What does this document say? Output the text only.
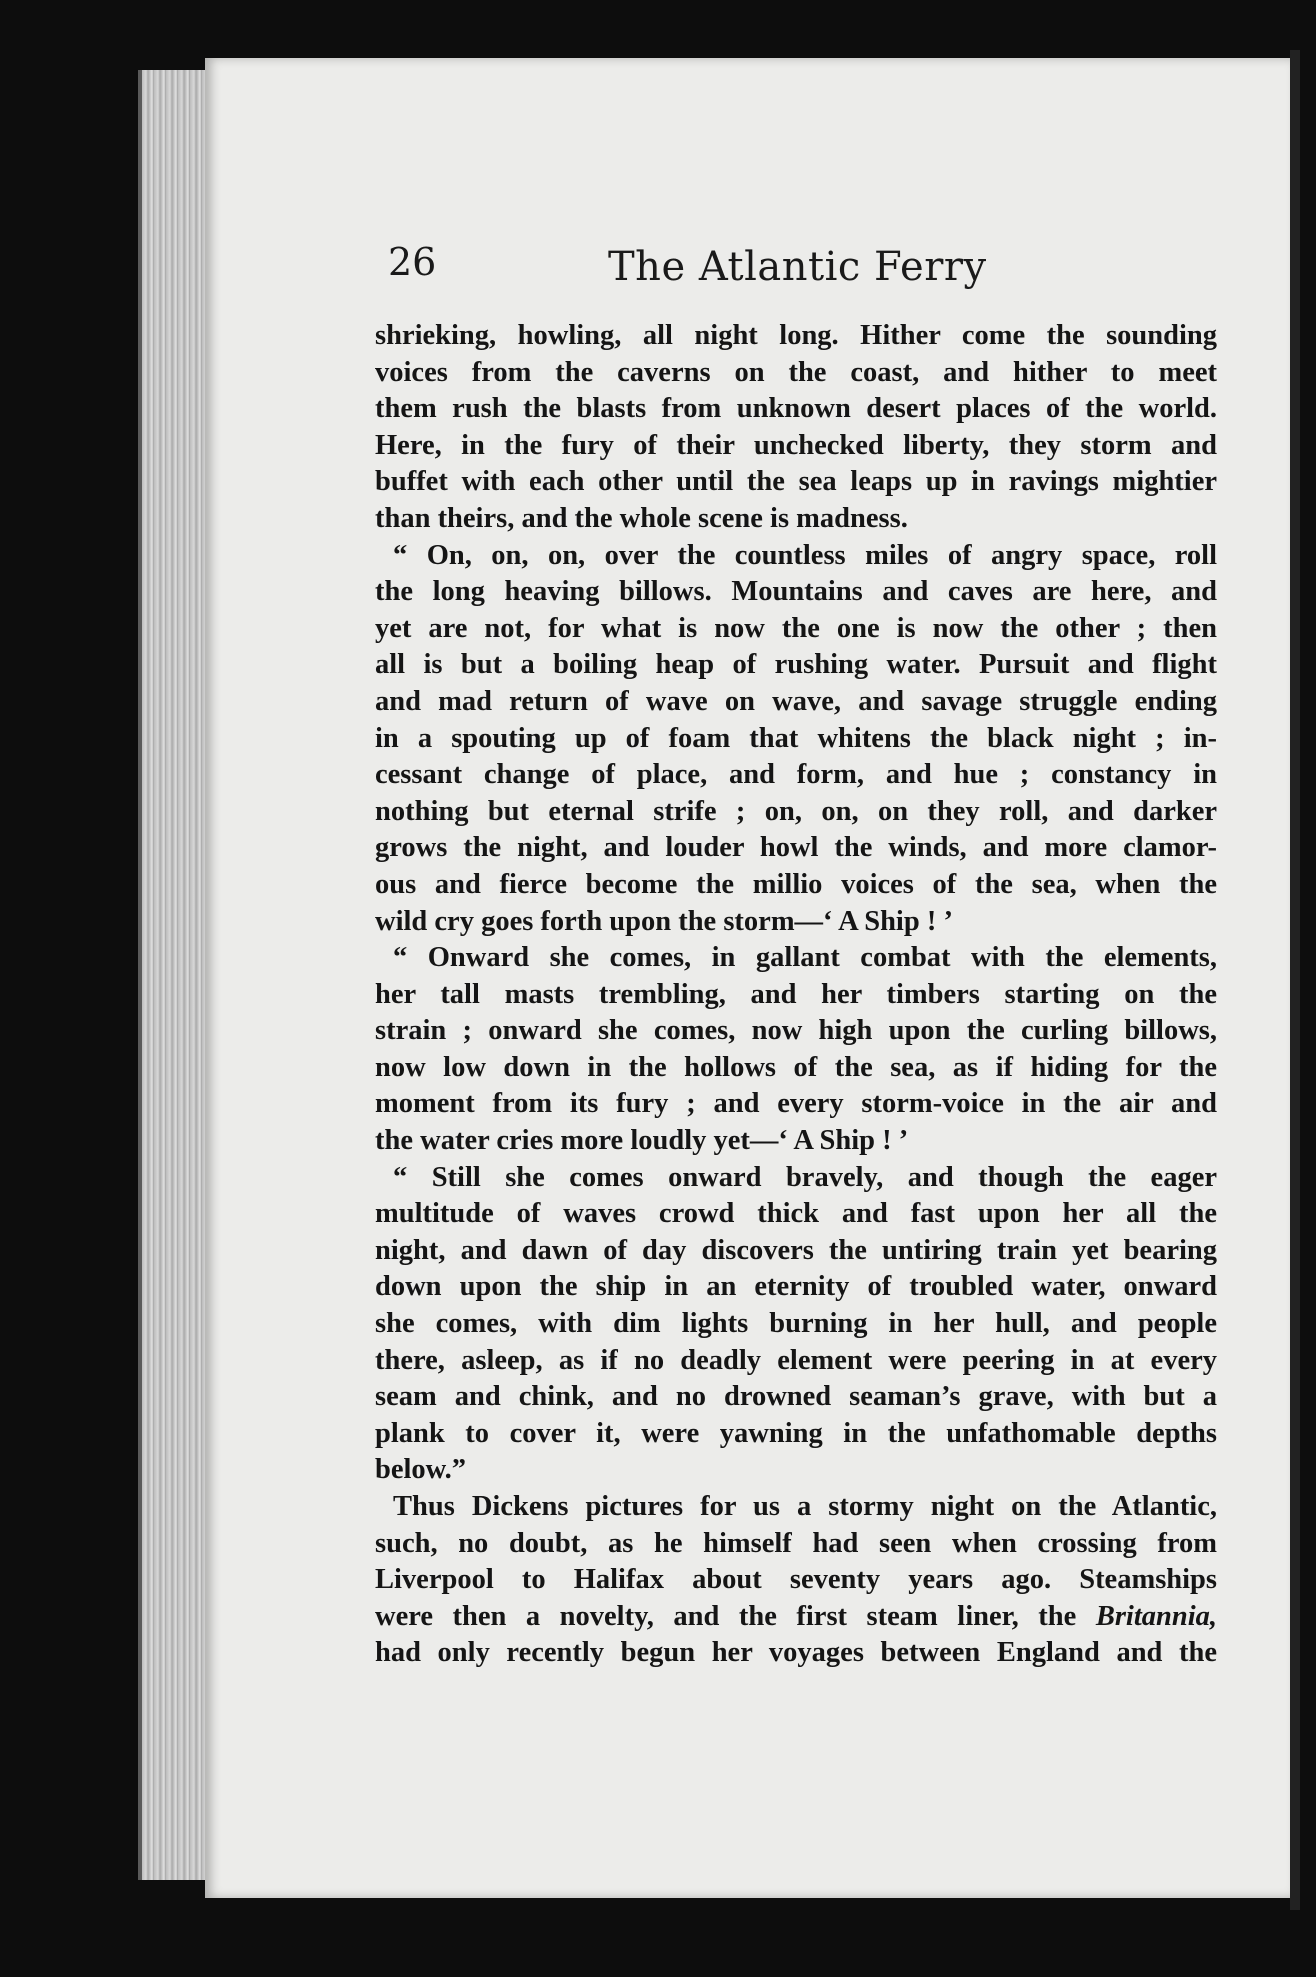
26	The Atlantic Ferry
shrieking, howling, all night long. Hither come the sounding
voices from the caverns on the coast, and hither to meet
them rush the blasts from unknown desert places of the world.
Here, in the fury of their unchecked liberty, they storm and
buffet with each other until the sea leaps up in ravings mightier
than theirs, and the whole scene is madness.
“ On, on, on, over the countless miles of angry space, roll
the long heaving billows. Mountains and caves are here, and
yet are not, for what is now the one is now the other ; then
all is but a boiling heap of rushing water. Pursuit and flight
and mad return of wave on wave, and savage struggle ending
in a spouting up of foam that whitens the black night ; in-
cessant change of place, and form, and hue ; constancy in
nothing but eternal strife ; on, on, on they roll, and darker
grows the night, and louder howl the winds, and more clamor-
ous and fierce become the millio voices of the sea, when the
wild cry goes forth upon the storm—‘ A Ship ! ’
“ Onward she comes, in gallant combat with the elements,
her tall masts trembling, and her timbers starting on the
strain ; onward she comes, now high upon the curling billows,
now low down in the hollows of the sea, as if hiding for the
moment from its fury ; and every storm-voice in the air and
the water cries more loudly yet—‘ A Ship ! ’
“ Still she comes onward bravely, and though the eager
multitude of waves crowd thick and fast upon her all the
night, and dawn of day discovers the untiring train yet bearing
down upon the ship in an eternity of troubled water, onward
she comes, with dim lights burning in her hull, and people
there, asleep, as if no deadly element were peering in at every
seam and chink, and no drowned seaman’s grave, with but a
plank to cover it, were yawning in the unfathomable depths
below.”
Thus Dickens pictures for us a stormy night on the Atlantic,
such, no doubt, as he himself had seen when crossing from
Liverpool to Halifax about seventy years ago. Steamships
were then a novelty, and the first steam liner, the Britannia,
had only recently begun her voyages between England and the
